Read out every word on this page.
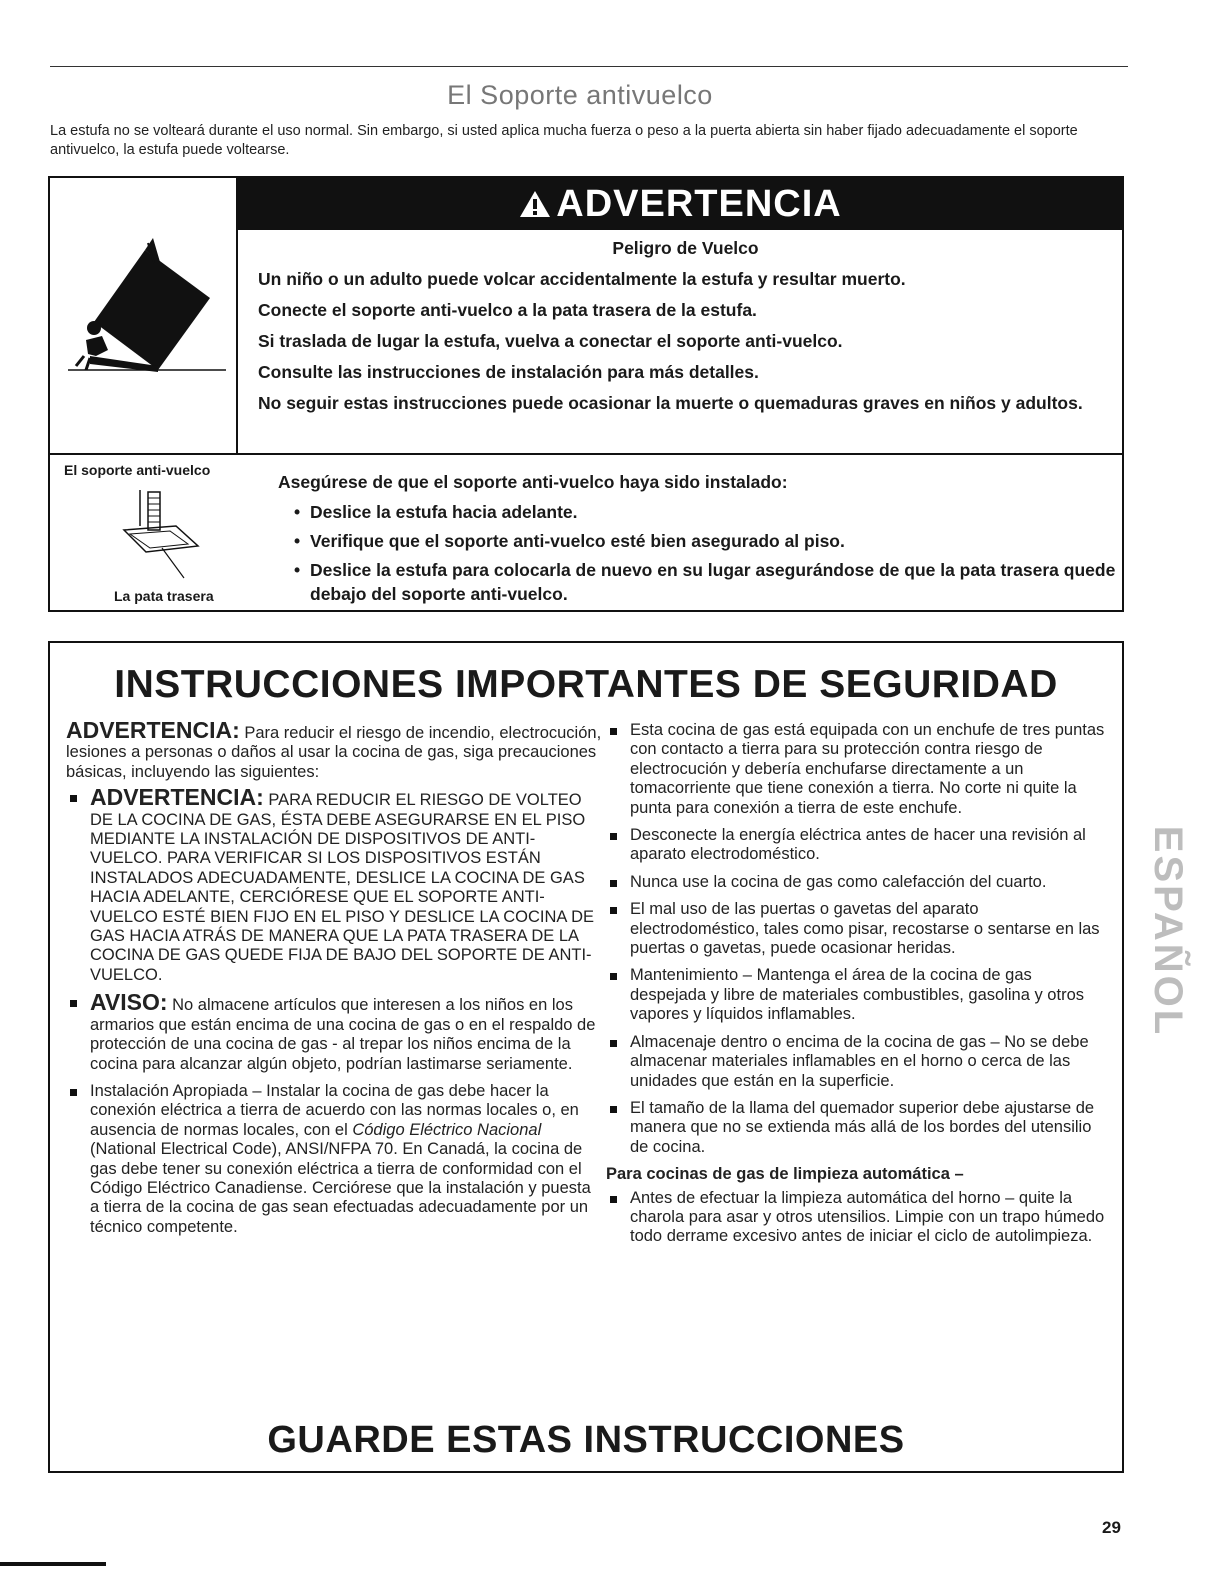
El Soporte antivuelco
La estufa no se volteará durante el uso normal. Sin embargo, si usted aplica mucha fuerza o peso a la puerta abierta sin haber fijado adecuadamente el soporte antivuelco, la estufa puede voltearse.
ADVERTENCIA
Peligro de Vuelco

Un niño o un adulto puede volcar accidentalmente la estufa y resultar muerto.

Conecte el soporte anti-vuelco a la pata trasera de la estufa.

Si traslada de lugar la estufa, vuelva a conectar el soporte anti-vuelco.

Consulte las instrucciones de instalación para más detalles.

No seguir estas instrucciones puede ocasionar la muerte o quemaduras graves en niños y adultos.

El soporte anti-vuelco
La pata trasera
Asegúrese de que el soporte anti-vuelco haya sido instalado:
• Deslice la estufa hacia adelante.
• Verifique que el soporte anti-vuelco esté bien asegurado al piso.
• Deslice la estufa para colocarla de nuevo en su lugar asegurándose de que la pata trasera quede debajo del soporte anti-vuelco.
INSTRUCCIONES IMPORTANTES DE SEGURIDAD

ADVERTENCIA: Para reducir el riesgo de incendio, electrocución, lesiones a personas o daños al usar la cocina de gas, siga precauciones básicas, incluyendo las siguientes:

ADVERTENCIA: PARA REDUCIR EL RIESGO DE VOLTEO DE LA COCINA DE GAS, ÉSTA DEBE ASEGURARSE EN EL PISO MEDIANTE LA INSTALACIÓN DE DISPOSITIVOS DE ANTI-VUELCO. PARA VERIFICAR SI LOS DISPOSITIVOS ESTÁN INSTALADOS ADECUADAMENTE, DESLICE LA COCINA DE GAS HACIA ADELANTE, CERCIÓRESE QUE EL SOPORTE ANTI-VUELCO ESTÉ BIEN FIJO EN EL PISO Y DESLICE LA COCINA DE GAS HACIA ATRÁS DE MANERA QUE LA PATA TRASERA DE LA COCINA DE GAS QUEDE FIJA DE BAJO DEL SOPORTE DE ANTI-VUELCO.
AVISO: No almacene artículos que interesen a los niños en los armarios que están encima de una cocina de gas o en el respaldo de protección de una cocina de gas - al trepar los niños encima de la cocina para alcanzar algún objeto, podrían lastimarse seriamente.
Instalación Apropiada – Instalar la cocina de gas debe hacer la conexión eléctrica a tierra de acuerdo con las normas locales o, en ausencia de normas locales, con el Código Eléctrico Nacional (National Electrical Code), ANSI/NFPA 70. En Canadá, la cocina de gas debe tener su conexión eléctrica a tierra de conformidad con el Código Eléctrico Canadiense. Cerciórese que la instalación y puesta a tierra de la cocina de gas sean efectuadas adecuadamente por un técnico competente.
Esta cocina de gas está equipada con un enchufe de tres puntas con contacto a tierra para su protección contra riesgo de electrocución y debería enchufarse directamente a un tomacorriente que tiene conexión a tierra. No corte ni quite la punta para conexión a tierra de este enchufe.
Desconecte la energía eléctrica antes de hacer una revisión al aparato electrodoméstico.
Nunca use la cocina de gas como calefacción del cuarto.
El mal uso de las puertas o gavetas del aparato electrodoméstico, tales como pisar, recostarse o sentarse en las puertas o gavetas, puede ocasionar heridas.
Mantenimiento – Mantenga el área de la cocina de gas despejada y libre de materiales combustibles, gasolina y otros vapores y líquidos inflamables.
Almacenaje dentro o encima de la cocina de gas – No se debe almacenar materiales inflamables en el horno o cerca de las unidades que están en la superficie.
El tamaño de la llama del quemador superior debe ajustarse de manera que no se extienda más allá de los bordes del utensilio de cocina.
Para cocinas de gas de limpieza automática –
Antes de efectuar la limpieza automática del horno – quite la charola para asar y otros utensilios. Limpie con un trapo húmedo todo derrame excesivo antes de iniciar el ciclo de autolimpieza.
GUARDE ESTAS INSTRUCCIONES
ESPAÑOL
29
